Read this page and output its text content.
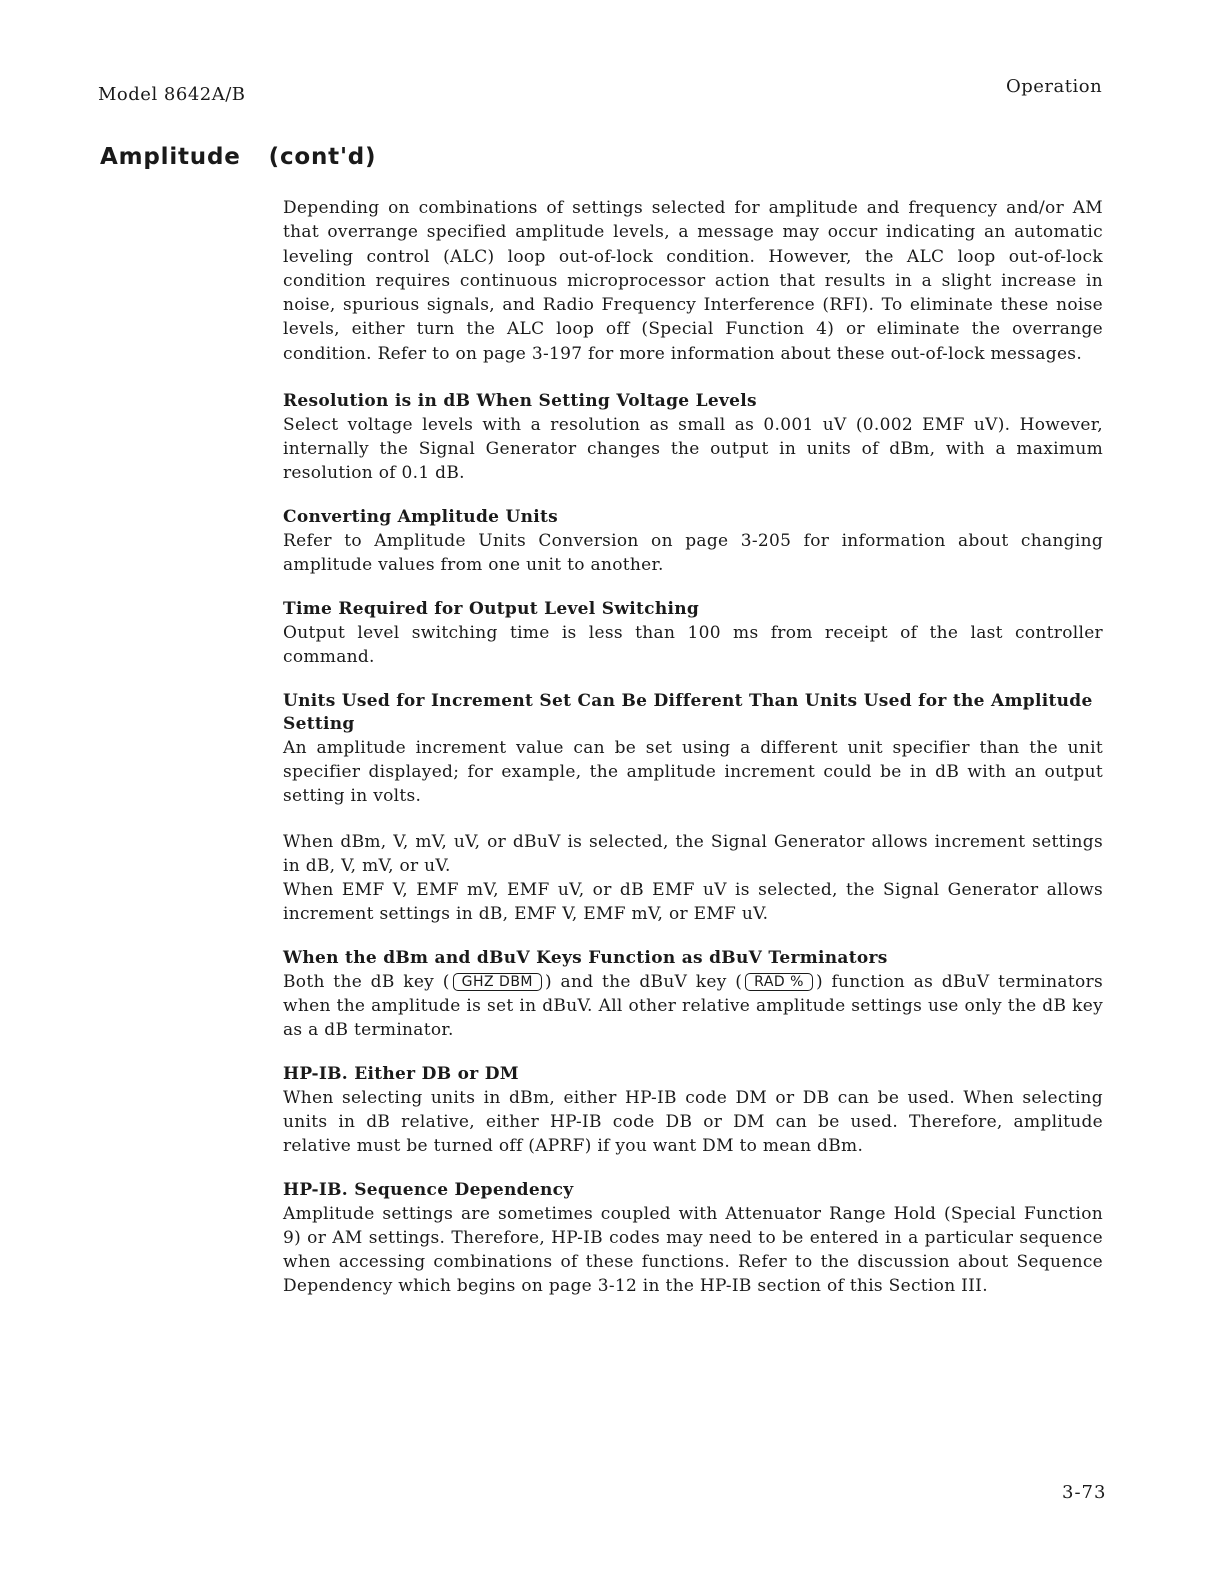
Model 8642A/B	Operation
Amplitude (cont'd)

Depending on combinations of settings selected for amplitude and frequency and/or AM that overrange specified amplitude levels, a message may occur indicating an automatic leveling control (ALC) loop out-of-lock condition. However, the ALC loop out-of-lock condition requires continuous microprocessor action that results in a slight increase in noise, spurious signals, and Radio Frequency Interference (RFI). To eliminate these noise levels, either turn the ALC loop off (Special Function 4) or eliminate the overrange condition. Refer to on page 3-197 for more information about these out-of-lock messages.

Resolution is in dB When Setting Voltage Levels

Select voltage levels with a resolution as small as 0.001 uV (0.002 EMF uV). However, internally the Signal Generator changes the output in units of dBm, with a maximum resolution of 0.1 dB.

Converting Amplitude Units

Refer to Amplitude Units Conversion on page 3-205 for information about changing amplitude values from one unit to another.

Time Required for Output Level Switching

Output level switching time is less than 100 ms from receipt of the last controller command.

Units Used for Increment Set Can Be Different Than Units Used for the Amplitude Setting

An amplitude increment value can be set using a different unit specifier than the unit specifier displayed; for example, the amplitude increment could be in dB with an output setting in volts.

When dBm, V, mV, uV, or dBuV is selected, the Signal Generator allows increment settings in dB, V, mV, or uV.

When EMF V, EMF mV, EMF uV, or dB EMF uV is selected, the Signal Generator allows increment settings in dB, EMF V, EMF mV, or EMF uV.

When the dBm and dBuV Keys Function as dBuV Terminators

Both the dB key ( GHZ DBM ) and the dBuV key ( RAD % ) function as dBuV terminators when the amplitude is set in dBuV. All other relative amplitude settings use only the dB key as a dB terminator.

HP-IB. Either DB or DM

When selecting units in dBm, either HP-IB code DM or DB can be used. When selecting units in dB relative, either HP-IB code DB or DM can be used. Therefore, amplitude relative must be turned off (APRF) if you want DM to mean dBm.

HP-IB. Sequence Dependency

Amplitude settings are sometimes coupled with Attenuator Range Hold (Special Function 9) or AM settings. Therefore, HP-IB codes may need to be entered in a particular sequence when accessing combinations of these functions. Refer to the discussion about Sequence Dependency which begins on page 3-12 in the HP-IB section of this Section III.

3-73
